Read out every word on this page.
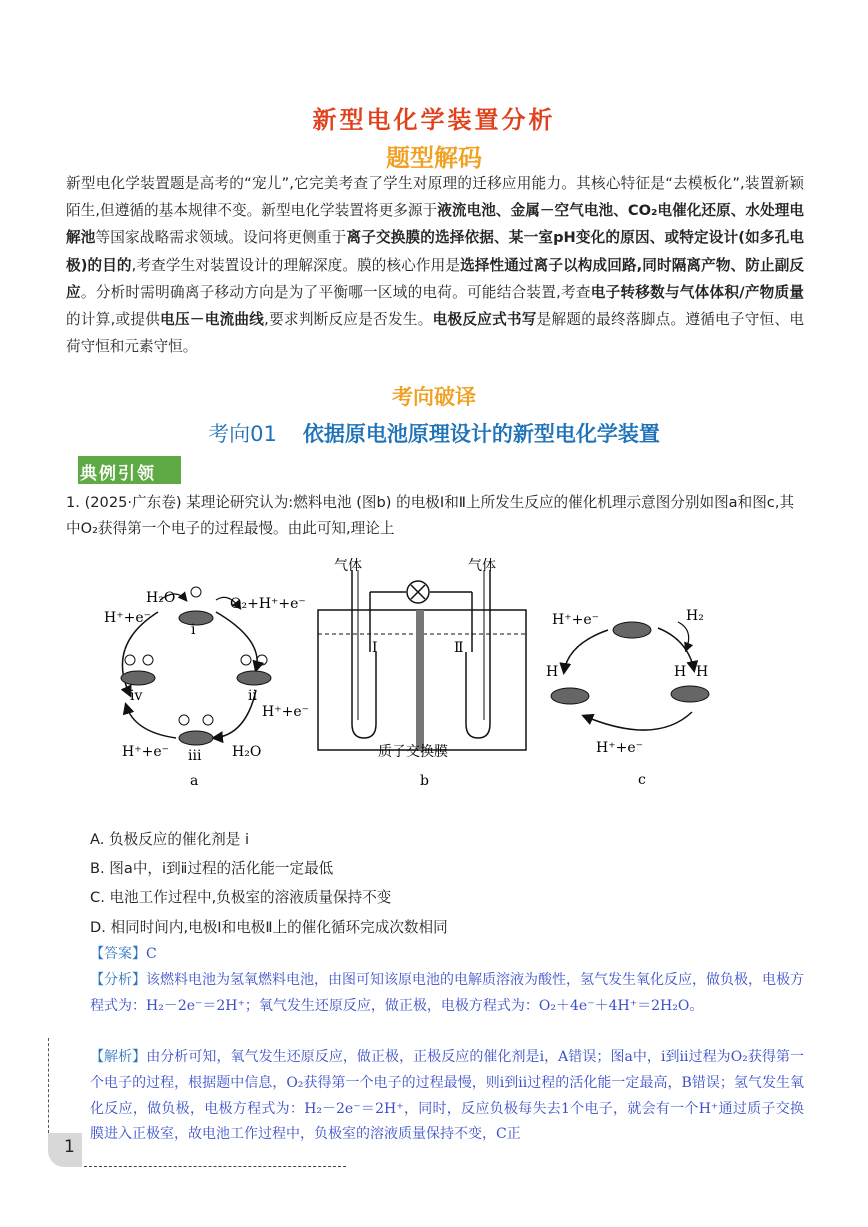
新型电化学装置分析
题型解码
新型电化学装置题是高考的“宠儿”,它完美考查了学生对原理的迁移应用能力。其核心特征是“去模板化”,装置新颖陌生,但遵循的基本规律不变。新型电化学装置将更多源于液流电池、金属－空气电池、CO₂电催化还原、水处理电解池等国家战略需求领域。设问将更侧重于离子交换膜的选择依据、某一室pH变化的原因、或特定设计(如多孔电极)的目的,考查学生对装置设计的理解深度。膜的核心作用是选择性通过离子以构成回路,同时隔离产物、防止副反应。分析时需明确离子移动方向是为了平衡哪一区域的电荷。可能结合装置,考查电子转移数与气体体积/产物质量的计算,或提供电压－电流曲线,要求判断反应是否发生。电极反应式书写是解题的最终落脚点。遵循电子守恒、电荷守恒和元素守恒。
考向破译
考向01 依据原电池原理设计的新型电化学装置
典例引领
1. (2025·广东卷) 某理论研究认为:燃料电池 (图b) 的电极Ⅰ和Ⅱ上所发生反应的催化机理示意图分别如图a和图c,其中O₂获得第一个电子的过程最慢。由此可知,理论上
i
ii
iii
iv
H₂O	O₂+H⁺+e⁻
H⁺+e⁻
H⁺+e⁻
H⁺+e⁻	H₂O
a
气体	气体
Ⅰ	Ⅱ
质子交换膜
b
H⁺+e⁻	H₂
H H
H
H⁺+e⁻
c
A. 负极反应的催化剂是 ⅰ
B. 图a中，ⅰ到ⅱ过程的活化能一定最低
C. 电池工作过程中,负极室的溶液质量保持不变
D. 相同时间内,电极Ⅰ和电极Ⅱ上的催化循环完成次数相同
【答案】C
【分析】该燃料电池为氢氧燃料电池，由图可知该原电池的电解质溶液为酸性，氢气发生氧化反应，做负极，电极方程式为：H₂－2e⁻＝2H⁺；氧气发生还原反应，做正极，电极方程式为：O₂＋4e⁻＋4H⁺＝2H₂O。
【解析】由分析可知，氧气发生还原反应，做正极，正极反应的催化剂是ⅰ，A错误；图a中，ⅰ到ⅱ过程为O₂获得第一个电子的过程，根据题中信息，O₂获得第一个电子的过程最慢，则ⅰ到ⅱ过程的活化能一定最高，B错误；氢气发生氧化反应，做负极，电极方程式为：H₂－2e⁻＝2H⁺，同时，反应负极每失去1个电子，就会有一个H⁺通过质子交换膜进入正极室，故电池工作过程中，负极室的溶液质量保持不变，C正
1
